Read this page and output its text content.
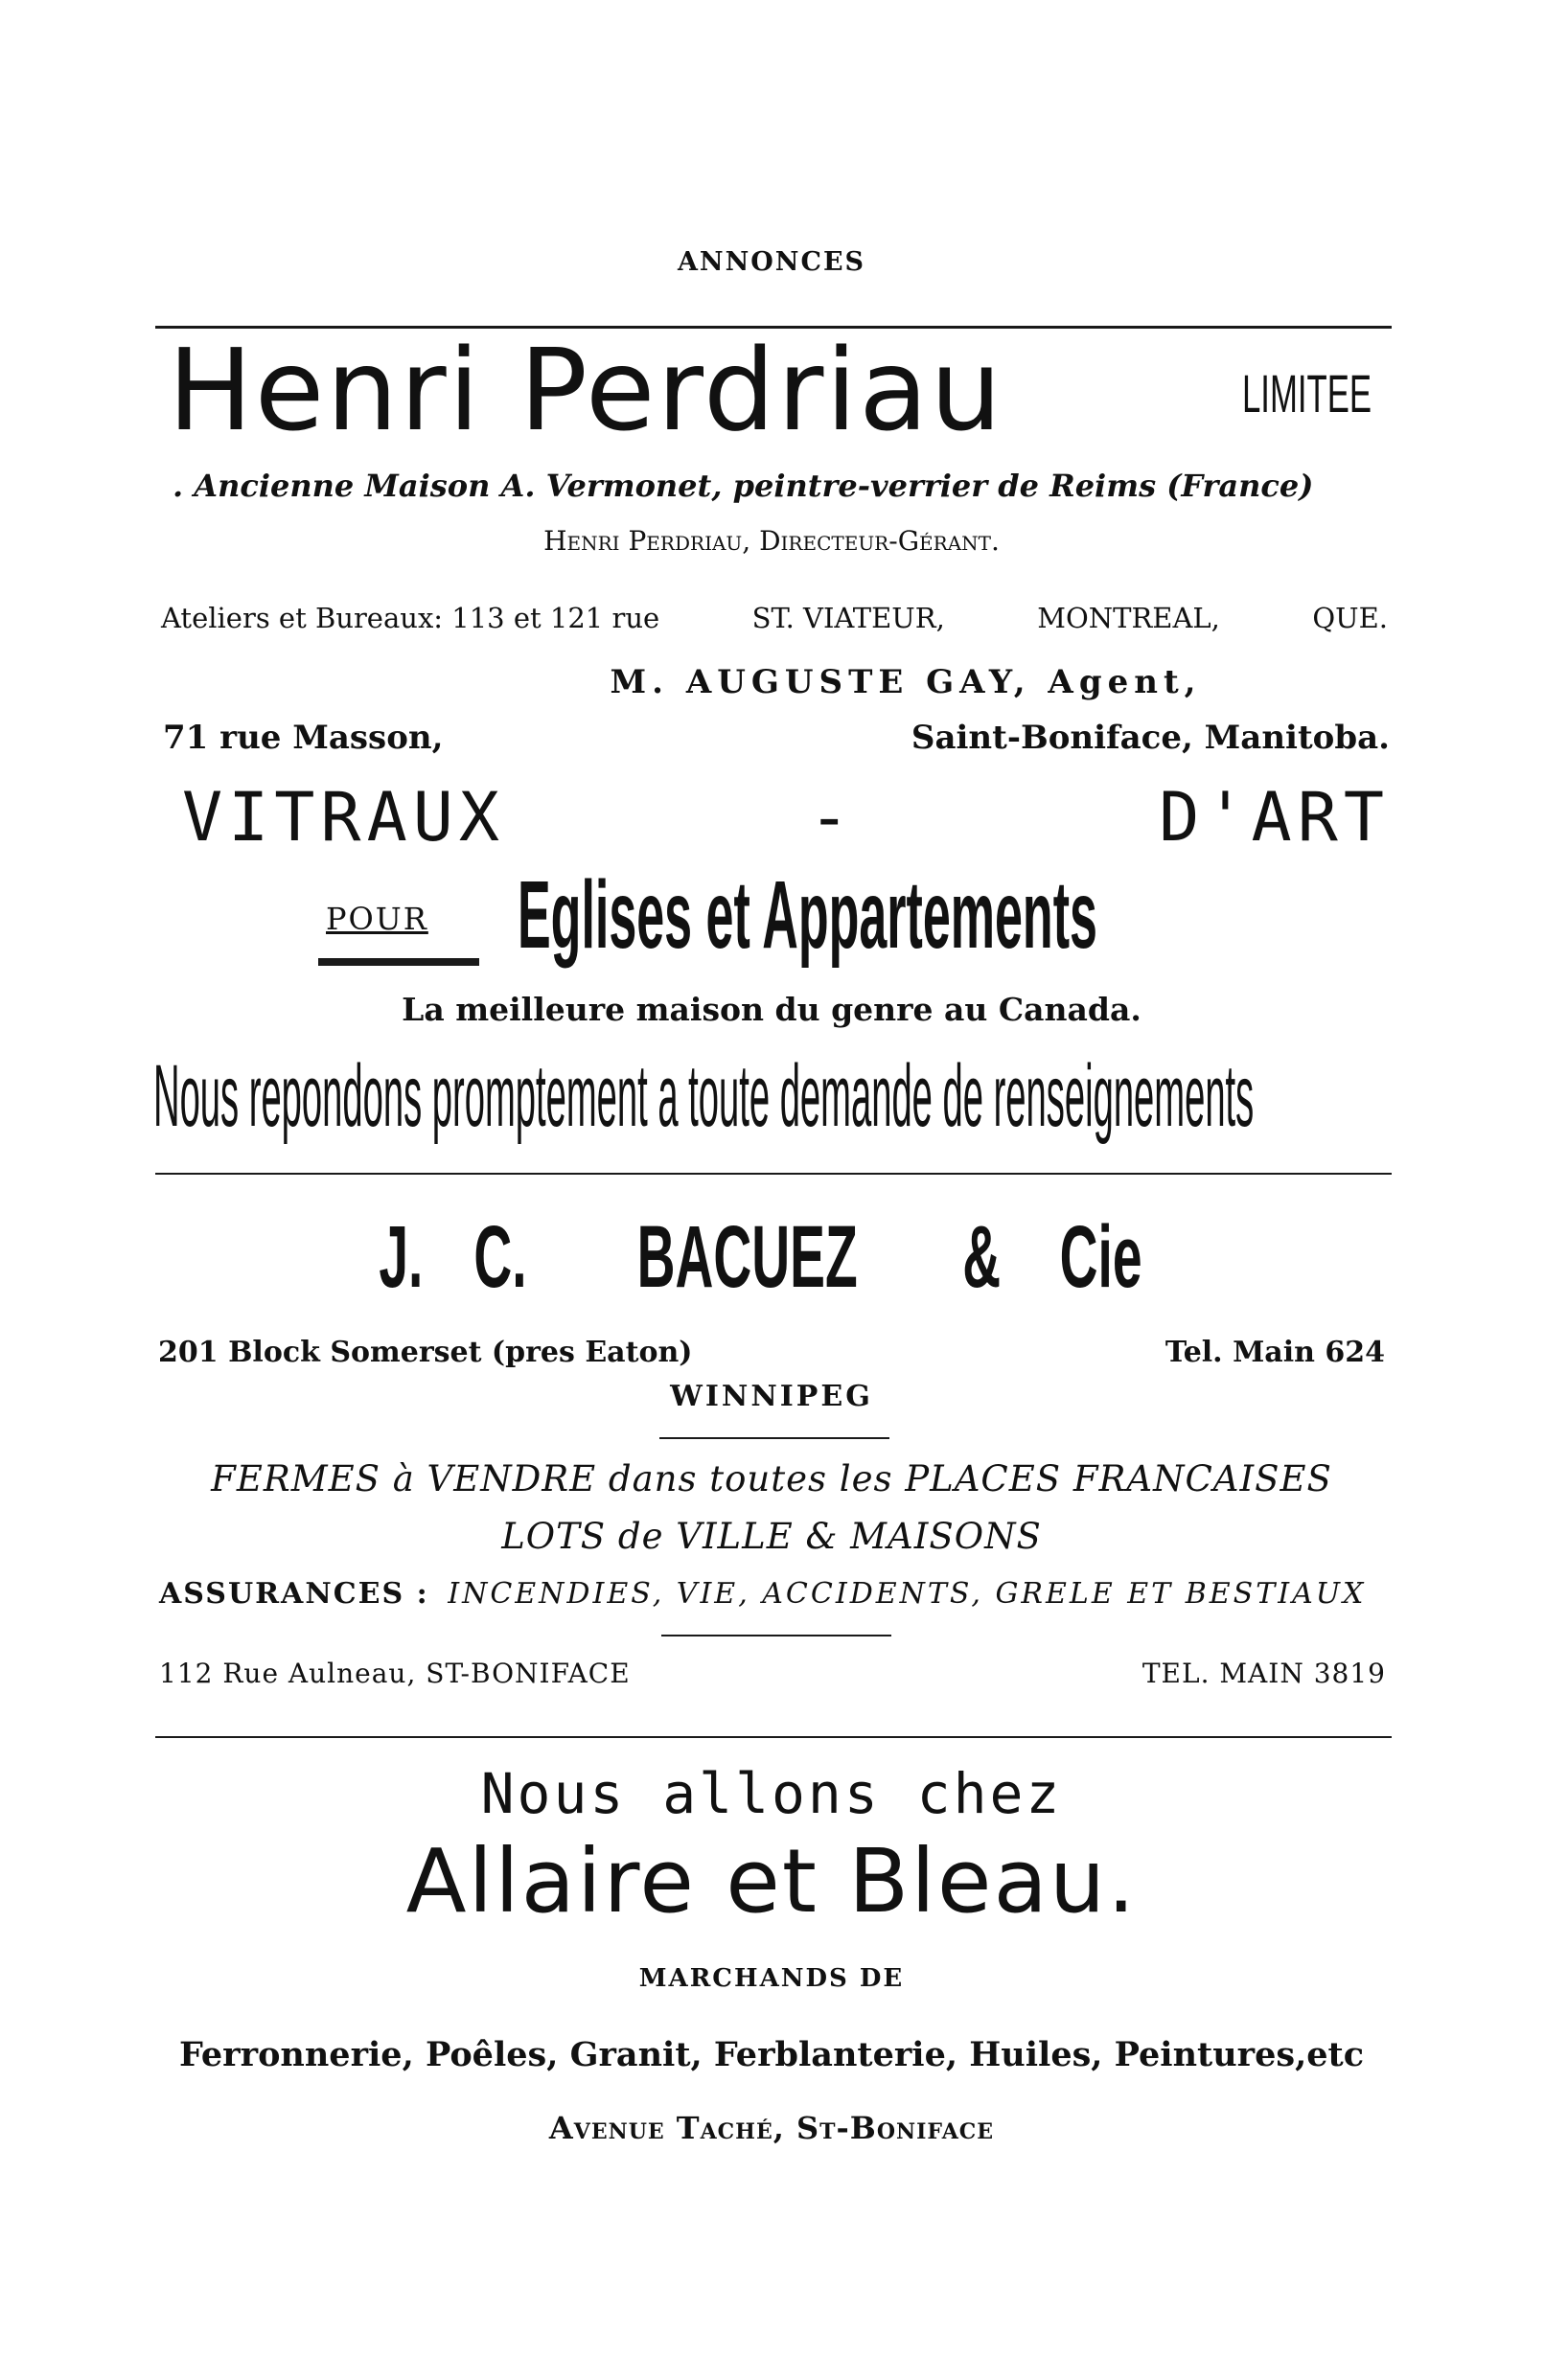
ANNONCES
Henri Perdriau	LIMITEE
. Ancienne Maison A. Vermonet, peintre-verrier de Reims (France)
Henri Perdriau, Directeur-Gérant.
Ateliers et Bureaux: 113 et 121 rue	ST. VIATEUR,	MONTREAL,	QUE.
M. AUGUSTE GAY, Agent,
71 rue Masson,	Saint-Boniface, Manitoba.
VITRAUX	-	D'ART
POUR Eglises et Appartements
La meilleure maison du genre au Canada.
Nous repondons promptement a toute demande de renseignements
J. C. BACUEZ & Cie
201 Block Somerset (pres Eaton)	Tel. Main 624
WINNIPEG
FERMES à VENDRE dans toutes les PLACES FRANCAISES
LOTS de VILLE & MAISONS
ASSURANCES : INCENDIES, VIE, ACCIDENTS, GRELE ET BESTIAUX
112 Rue Aulneau, ST-BONIFACE	TEL. MAIN 3819
Nous allons chez
Allaire et Bleau.
MARCHANDS DE
Ferronnerie, Poêles, Granit, Ferblanterie, Huiles, Peintures,etc
Avenue Taché, St-Boniface
